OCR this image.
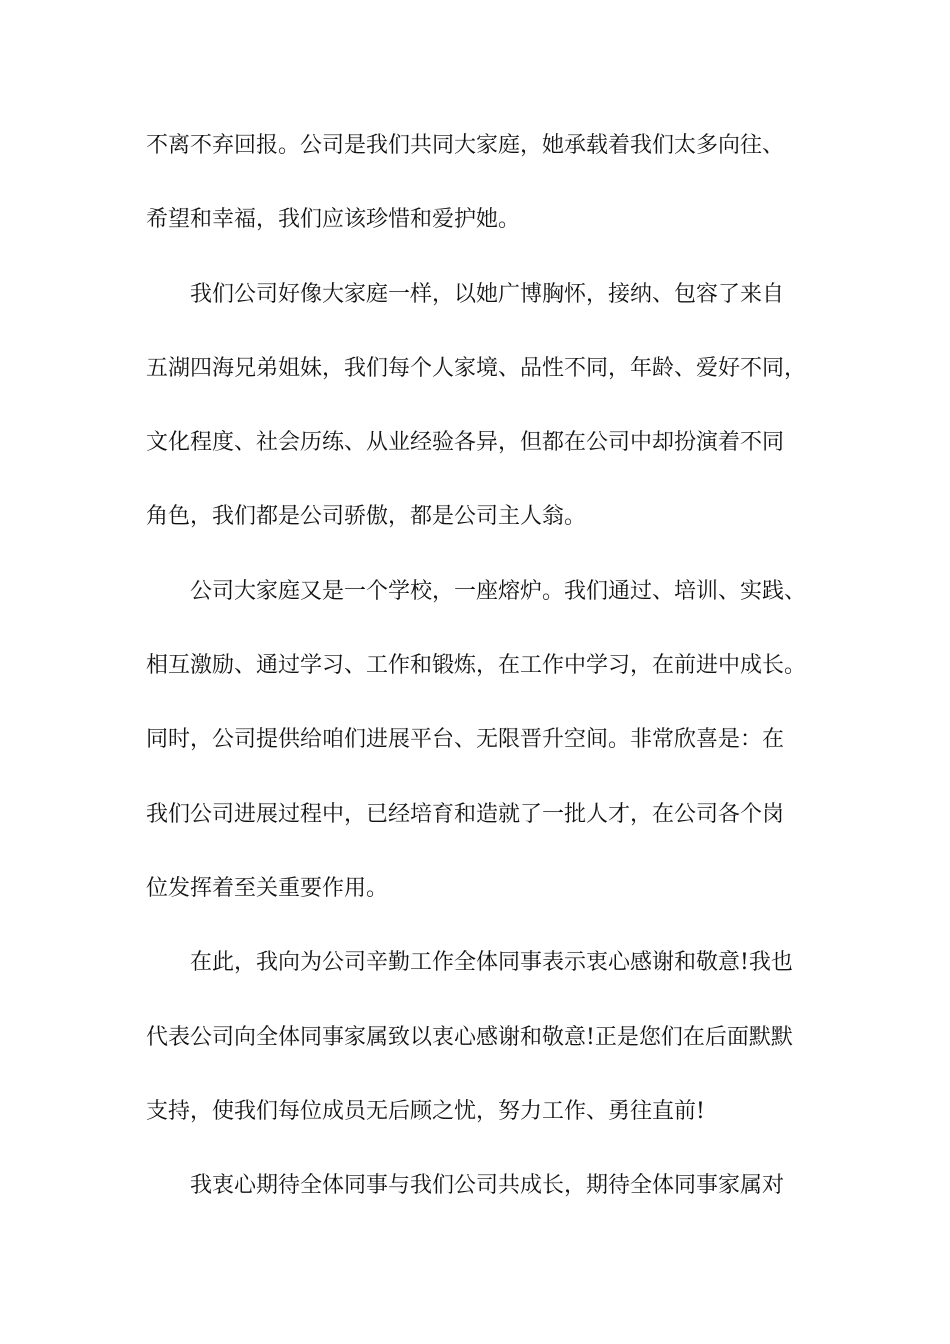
不离不弃回报。公司是我们共同大家庭，她承载着我们太多向往、
希望和幸福，我们应该珍惜和爱护她。
我们公司好像大家庭一样，以她广博胸怀，接纳、包容了来自
五湖四海兄弟姐妹，我们每个人家境、品性不同，年龄、爱好不同，
文化程度、社会历练、从业经验各异，但都在公司中却扮演着不同
角色，我们都是公司骄傲，都是公司主人翁。
公司大家庭又是一个学校，一座熔炉。我们通过、培训、实践、
相互激励、通过学习、工作和锻炼，在工作中学习，在前进中成长。
同时，公司提供给咱们进展平台、无限晋升空间。非常欣喜是：在
我们公司进展过程中，已经培育和造就了一批人才，在公司各个岗
位发挥着至关重要作用。
在此，我向为公司辛勤工作全体同事表示衷心感谢和敬意!我也
代表公司向全体同事家属致以衷心感谢和敬意!正是您们在后面默默
支持，使我们每位成员无后顾之忧，努力工作、勇往直前!
我衷心期待全体同事与我们公司共成长，期待全体同事家属对
